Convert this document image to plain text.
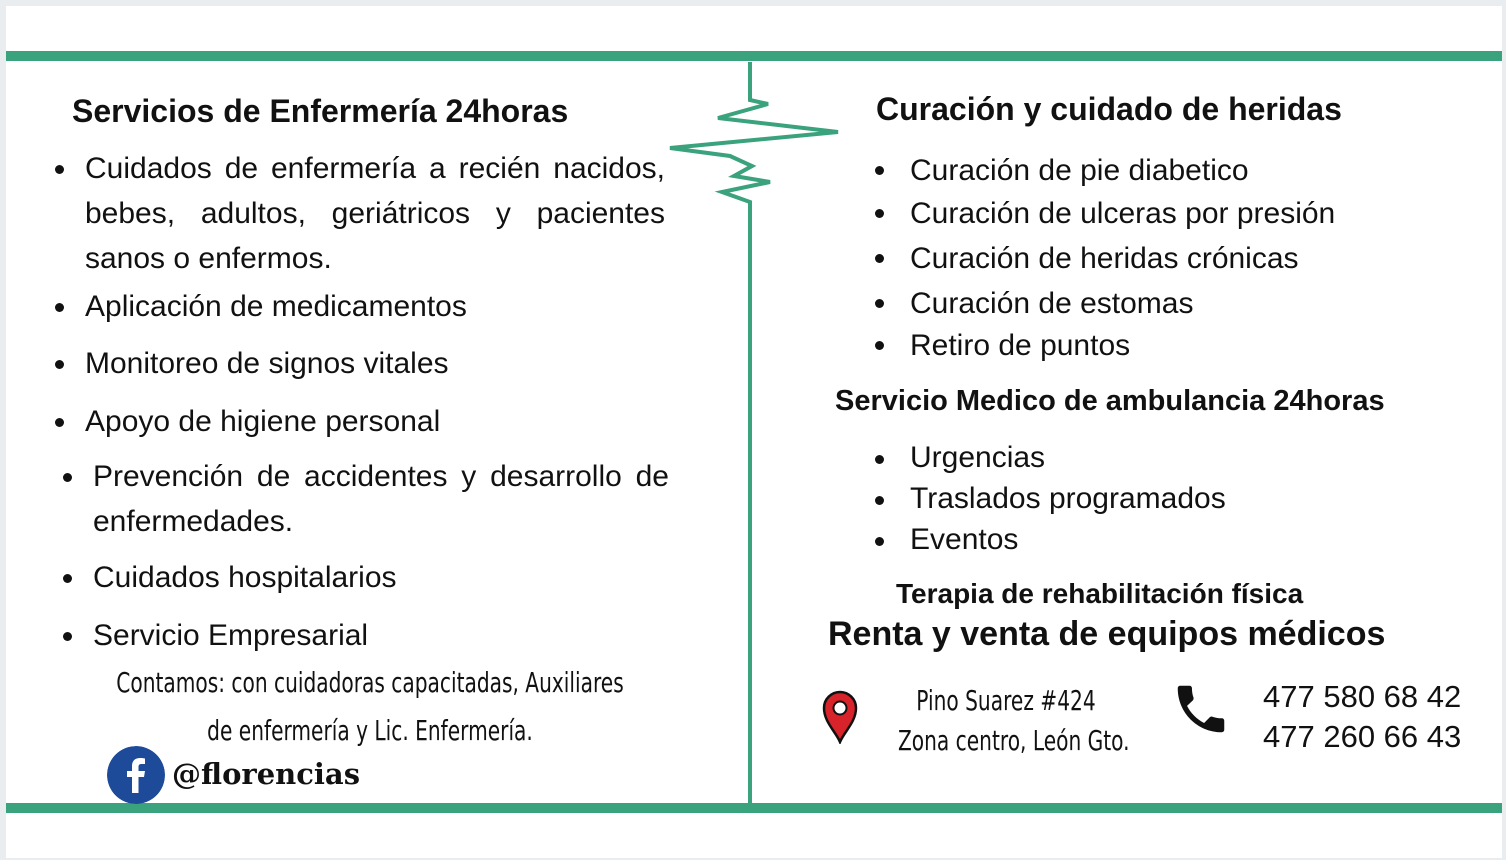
Servicios de Enfermería 24horas
Cuidados de enfermería a recién nacidos, bebes, adultos, geriátricos y pacientes sanos o enfermos.
Aplicación de medicamentos
Monitoreo de signos vitales
Apoyo de higiene personal
Prevención de accidentes y desarrollo de enfermedades.
Cuidados hospitalarios
Servicio Empresarial
Contamos: con cuidadoras capacitadas, Auxiliares
de enfermería y Lic. Enfermería.
@florencias
Curación y cuidado de heridas
Curación de pie diabetico
Curación de ulceras por presión
Curación de heridas crónicas
Curación de estomas
Retiro de puntos
Servicio Medico de ambulancia 24horas
Urgencias
Traslados programados
Eventos
Terapia de rehabilitación física
Renta y venta de equipos médicos
Pino Suarez #424
Zona centro, León Gto.
477 580 68 42
477 260 66 43
